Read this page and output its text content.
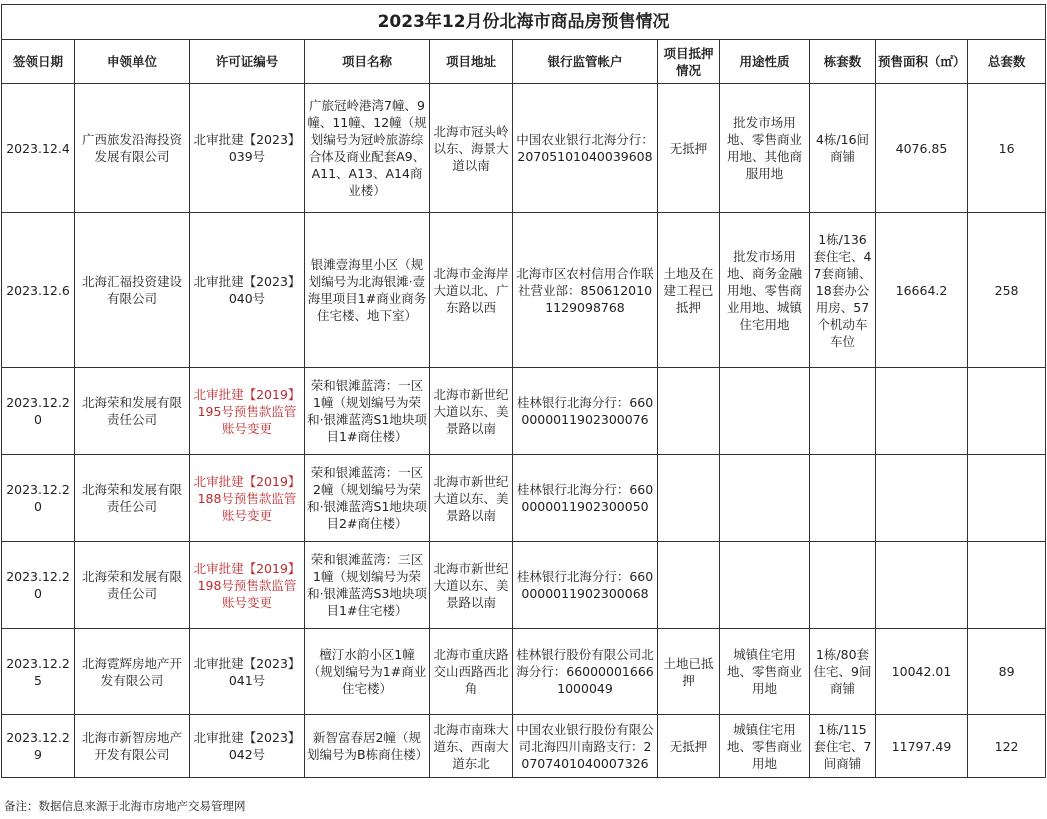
2023年12月份北海市商品房预售情况										
签领日期	申领单位	许可证编号	项目名称	项目地址	银行监管帐户	项目抵押情况	用途性质	栋套数	预售面积（㎡）	总套数
2023.12.4	广西旅发沿海投资发展有限公司	北审批建【2023】039号	广旅冠岭港湾7幢、9幢、11幢、12幢（规划编号为冠岭旅游综合体及商业配套A9、A11、A13、A14商业楼）	北海市冠头岭以东、海景大道以南	中国农业银行北海分行：20705101040039608	无抵押	批发市场用地、零售商业用地、其他商服用地	4栋/16间商铺	4076.85	16
2023.12.6	北海汇福投资建设有限公司	北审批建【2023】040号	银滩壹海里小区（规划编号为北海银滩·壹海里项目1#商业商务住宅楼、地下室）	北海市金海岸大道以北、广东路以西	北海市区农村信用合作联社营业部：8506120101129098768	土地及在建工程已抵押	批发市场用地、商务金融用地、零售商业用地、城镇住宅用地	1栋/136套住宅、47套商铺、18套办公用房、57个机动车车位	16664.2	258
2023.12.20	北海荣和发展有限责任公司	北审批建【2019】195号预售款监管账号变更	荣和银滩蓝湾：一区1幢（规划编号为荣和·银滩蓝湾S1地块项目1#商住楼）	北海市新世纪大道以东、美景路以南	桂林银行北海分行：6600000011902300076					
2023.12.20	北海荣和发展有限责任公司	北审批建【2019】188号预售款监管账号变更	荣和银滩蓝湾：一区2幢（规划编号为荣和·银滩蓝湾S1地块项目2#商住楼）	北海市新世纪大道以东、美景路以南	桂林银行北海分行：6600000011902300050					
2023.12.20	北海荣和发展有限责任公司	北审批建【2019】198号预售款监管账号变更	荣和银滩蓝湾：三区1幢（规划编号为荣和·银滩蓝湾S3地块项目1#住宅楼）	北海市新世纪大道以东、美景路以南	桂林银行北海分行：6600000011902300068					
2023.12.25	北海霓辉房地产开发有限公司	北审批建【2023】041号	檀汀水韵小区1幢（规划编号为1#商业住宅楼）	北海市重庆路交山西路西北角	桂林银行股份有限公司北海分行：660000016661000049	土地已抵押	城镇住宅用地、零售商业用地	1栋/80套住宅、9间商铺	10042.01	89
2023.12.29	北海市新智房地产开发有限公司	北审批建【2023】042号	新智富春居2幢（规划编号为B栋商住楼）	北海市南珠大道东、西南大道东北	中国农业银行股份有限公司北海四川南路支行：20707401040007326	无抵押	城镇住宅用地、零售商业用地	1栋/115套住宅、7间商铺	11797.49	122
备注：数据信息来源于北海市房地产交易管理网
